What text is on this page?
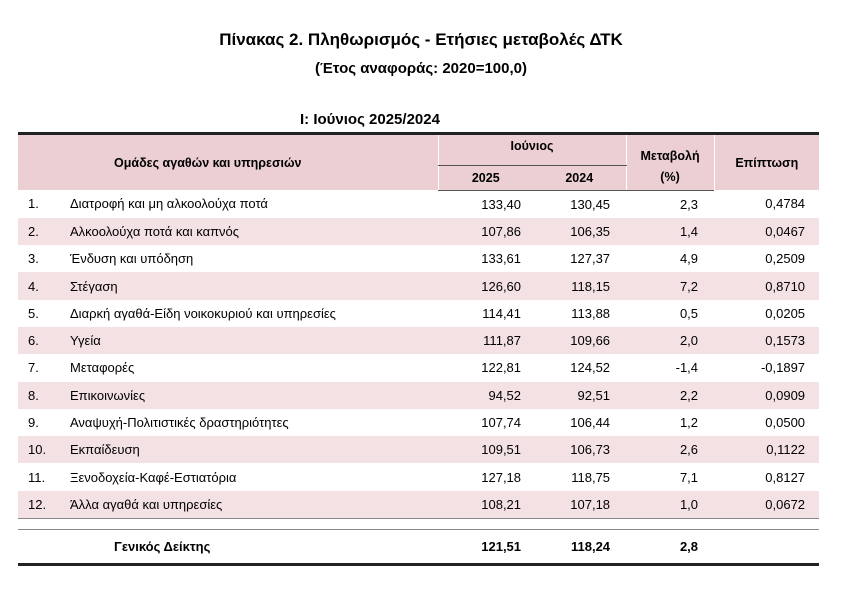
Πίνακας 2. Πληθωρισμός - Ετήσιες μεταβολές ΔΤΚ
(Έτος αναφοράς: 2020=100,0)
I: Ιούνιος 2025/2024
Ομάδες αγαθών και υπηρεσιών		Ιούνιος		Μεταβολή	Επίπτωση
		2025	2024	(%)	
1.	Διατροφή και μη αλκοολούχα ποτά	133,40	130,45	2,3	0,4784
2.	Αλκοολούχα ποτά και καπνός	107,86	106,35	1,4	0,0467
3.	Ένδυση και υπόδηση	133,61	127,37	4,9	0,2509
4.	Στέγαση	126,60	118,15	7,2	0,8710
5.	Διαρκή αγαθά-Είδη νοικοκυριού και υπηρεσίες	114,41	113,88	0,5	0,0205
6.	Υγεία	111,87	109,66	2,0	0,1573
7.	Μεταφορές	122,81	124,52	-1,4	-0,1897
8.	Επικοινωνίες	94,52	92,51	2,2	0,0909
9.	Αναψυχή-Πολιτιστικές δραστηριότητες	107,74	106,44	1,2	0,0500
10.	Εκπαίδευση	109,51	106,73	2,6	0,1122
11.	Ξενοδοχεία-Καφέ-Εστιατόρια	127,18	118,75	7,1	0,8127
12.	Άλλα αγαθά και υπηρεσίες	108,21	107,18	1,0	0,0672

	Γενικός Δείκτης	121,51	118,24	2,8	
